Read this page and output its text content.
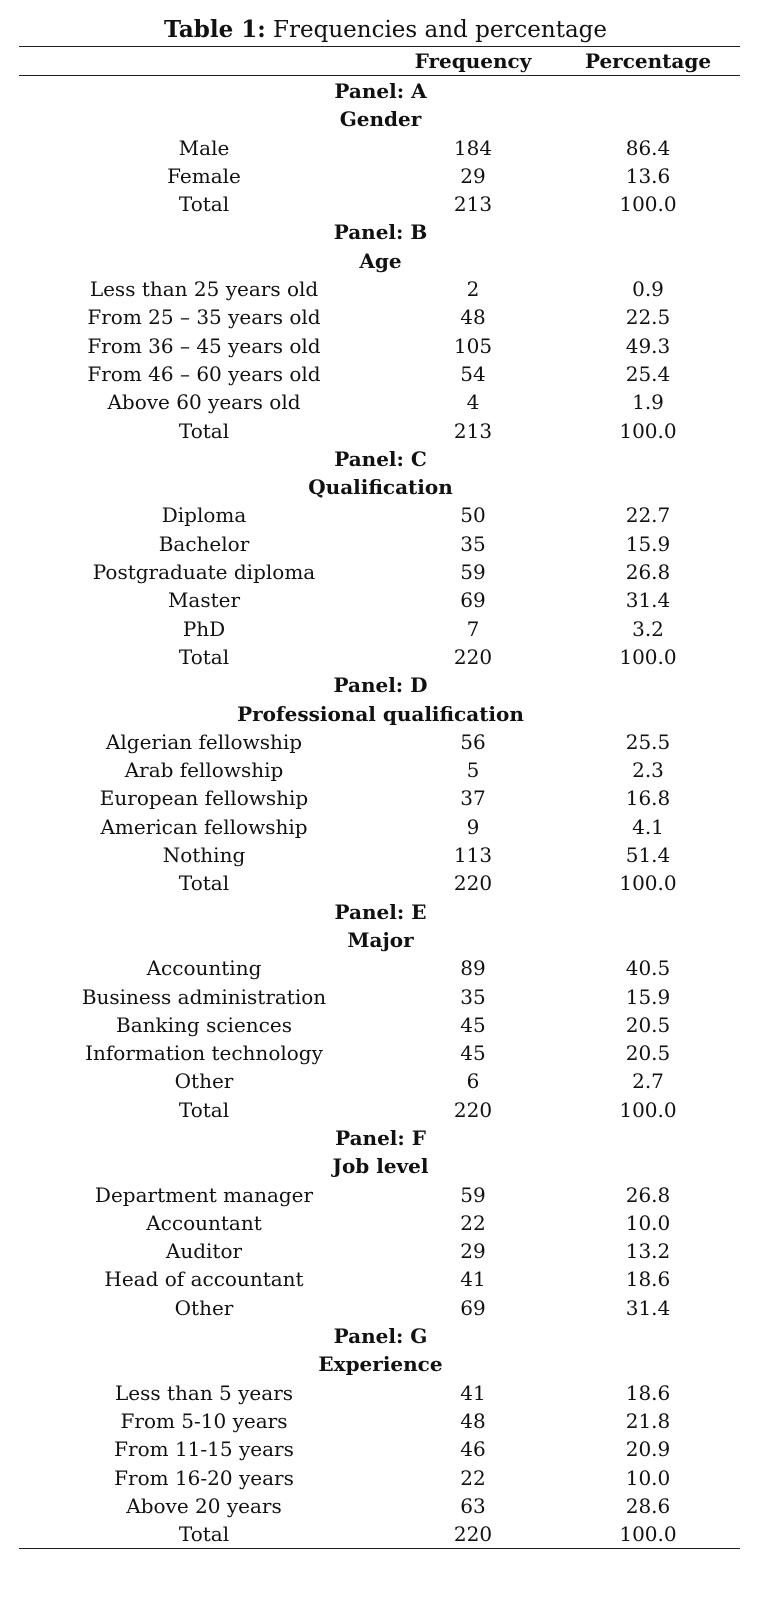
Table 1: Frequencies and percentage
Frequency	Percentage
Panel: A
Gender
Male	184	86.4
Female	29	13.6
Total	213	100.0
Panel: B
Age
Less than 25 years old	2	0.9
From 25 – 35 years old	48	22.5
From 36 – 45 years old	105	49.3
From 46 – 60 years old	54	25.4
Above 60 years old	4	1.9
Total	213	100.0
Panel: C
Qualification
Diploma	50	22.7
Bachelor	35	15.9
Postgraduate diploma	59	26.8
Master	69	31.4
PhD	7	3.2
Total	220	100.0
Panel: D
Professional qualification
Algerian fellowship	56	25.5
Arab fellowship	5	2.3
European fellowship	37	16.8
American fellowship	9	4.1
Nothing	113	51.4
Total	220	100.0
Panel: E
Major
Accounting	89	40.5
Business administration	35	15.9
Banking sciences	45	20.5
Information technology	45	20.5
Other	6	2.7
Total	220	100.0
Panel: F
Job level
Department manager	59	26.8
Accountant	22	10.0
Auditor	29	13.2
Head of accountant	41	18.6
Other	69	31.4
Panel: G
Experience
Less than 5 years	41	18.6
From 5-10 years	48	21.8
From 11-15 years	46	20.9
From 16-20 years	22	10.0
Above 20 years	63	28.6
Total	220	100.0
